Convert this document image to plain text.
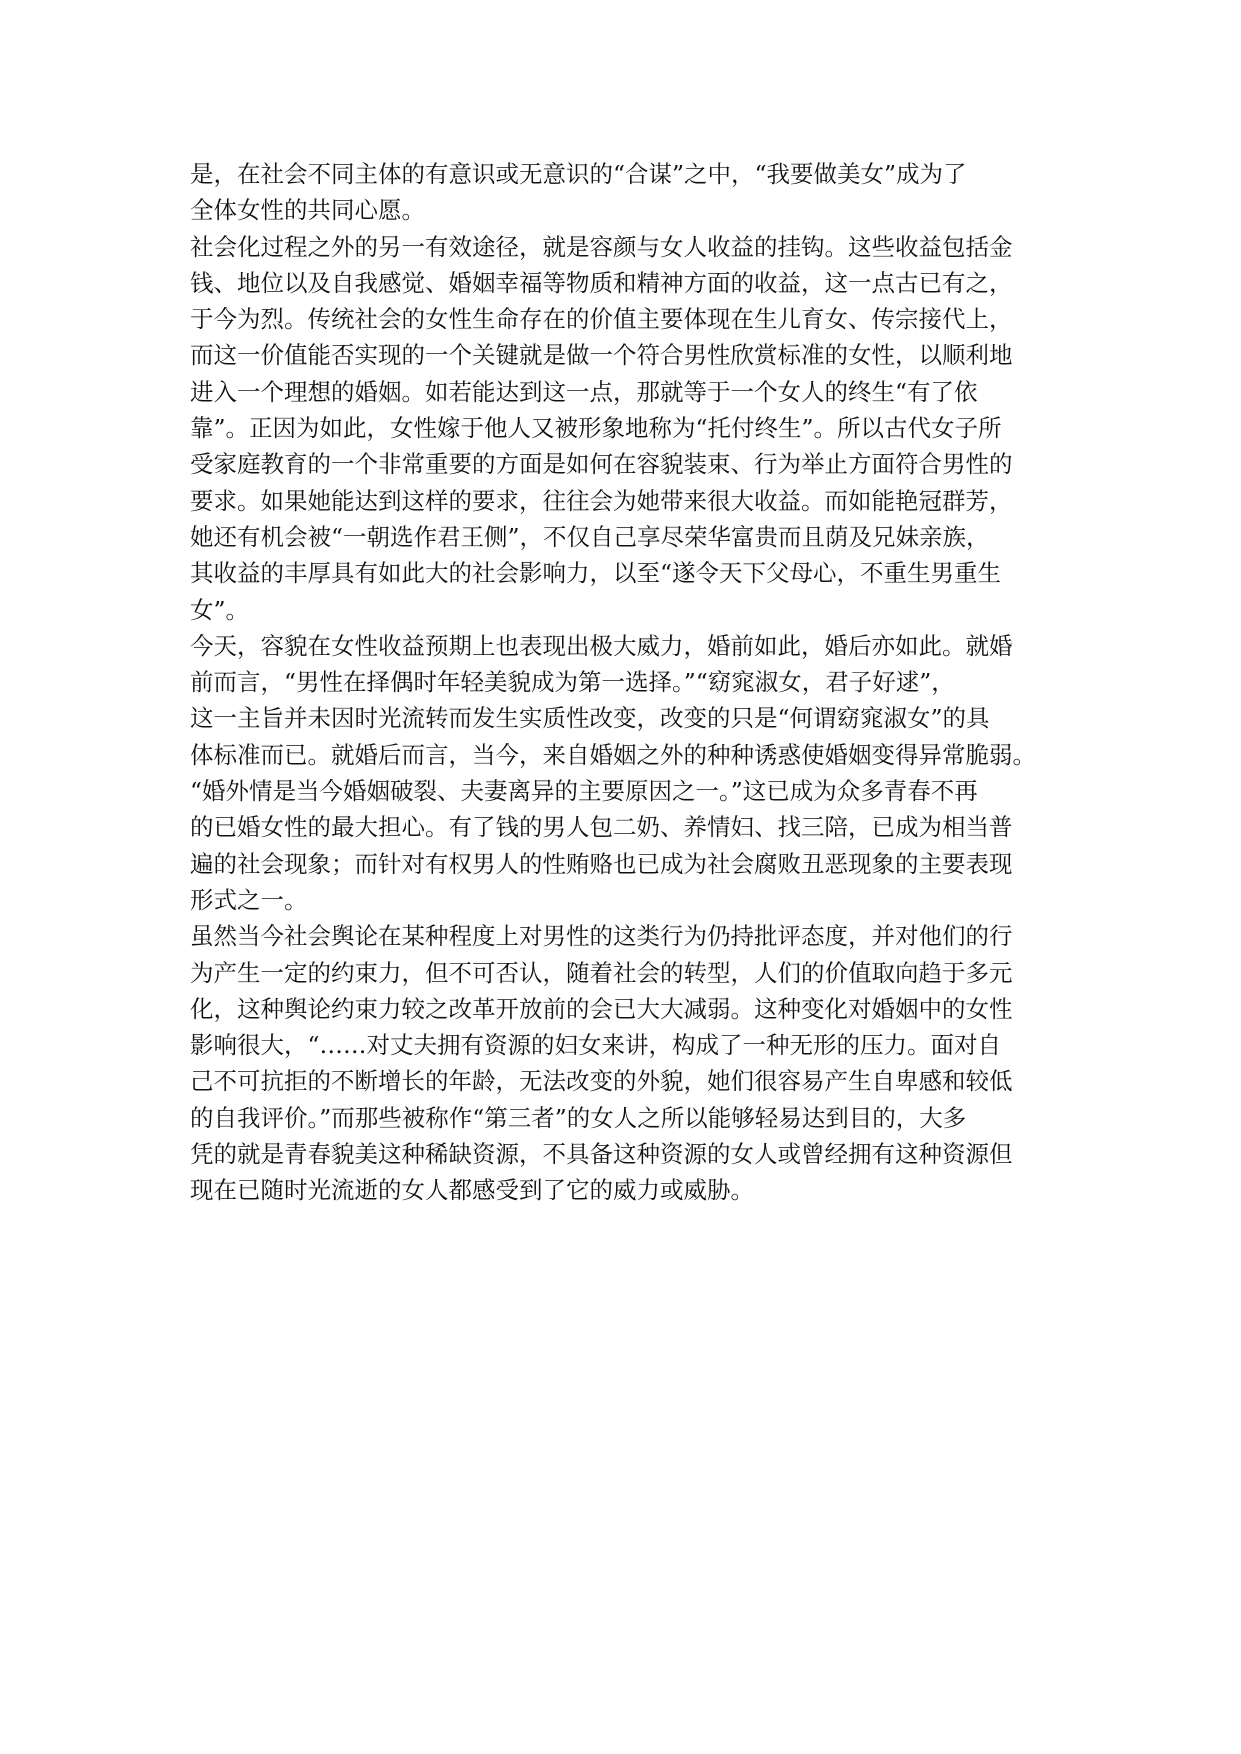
是，在社会不同主体的有意识或无意识的“合谋”之中，“我要做美女”成为了
全体女性的共同心愿。
社会化过程之外的另一有效途径，就是容颜与女人收益的挂钩。这些收益包括金
钱、地位以及自我感觉、婚姻幸福等物质和精神方面的收益，这一点古已有之，
于今为烈。传统社会的女性生命存在的价值主要体现在生儿育女、传宗接代上，
而这一价值能否实现的一个关键就是做一个符合男性欣赏标准的女性，以顺利地
进入一个理想的婚姻。如若能达到这一点，那就等于一个女人的终生“有了依
靠”。正因为如此，女性嫁于他人又被形象地称为“托付终生”。所以古代女子所
受家庭教育的一个非常重要的方面是如何在容貌装束、行为举止方面符合男性的
要求。如果她能达到这样的要求，往往会为她带来很大收益。而如能艳冠群芳，
她还有机会被“一朝选作君王侧”，不仅自己享尽荣华富贵而且荫及兄妹亲族，
其收益的丰厚具有如此大的社会影响力，以至“遂令天下父母心，不重生男重生
女”。
今天，容貌在女性收益预期上也表现出极大威力，婚前如此，婚后亦如此。就婚
前而言，“男性在择偶时年轻美貌成为第一选择。”“窈窕淑女，君子好逑”，
这一主旨并未因时光流转而发生实质性改变，改变的只是“何谓窈窕淑女”的具
体标准而已。就婚后而言，当今，来自婚姻之外的种种诱惑使婚姻变得异常脆弱。
“婚外情是当今婚姻破裂、夫妻离异的主要原因之一。”这已成为众多青春不再
的已婚女性的最大担心。有了钱的男人包二奶、养情妇、找三陪，已成为相当普
遍的社会现象；而针对有权男人的性贿赂也已成为社会腐败丑恶现象的主要表现
形式之一。
虽然当今社会舆论在某种程度上对男性的这类行为仍持批评态度，并对他们的行
为产生一定的约束力，但不可否认，随着社会的转型，人们的价值取向趋于多元
化，这种舆论约束力较之改革开放前的会已大大减弱。这种变化对婚姻中的女性
影响很大，“……对丈夫拥有资源的妇女来讲，构成了一种无形的压力。面对自
己不可抗拒的不断增长的年龄，无法改变的外貌，她们很容易产生自卑感和较低
的自我评价。”而那些被称作“第三者”的女人之所以能够轻易达到目的，大多
凭的就是青春貌美这种稀缺资源，不具备这种资源的女人或曾经拥有这种资源但
现在已随时光流逝的女人都感受到了它的威力或威胁。
